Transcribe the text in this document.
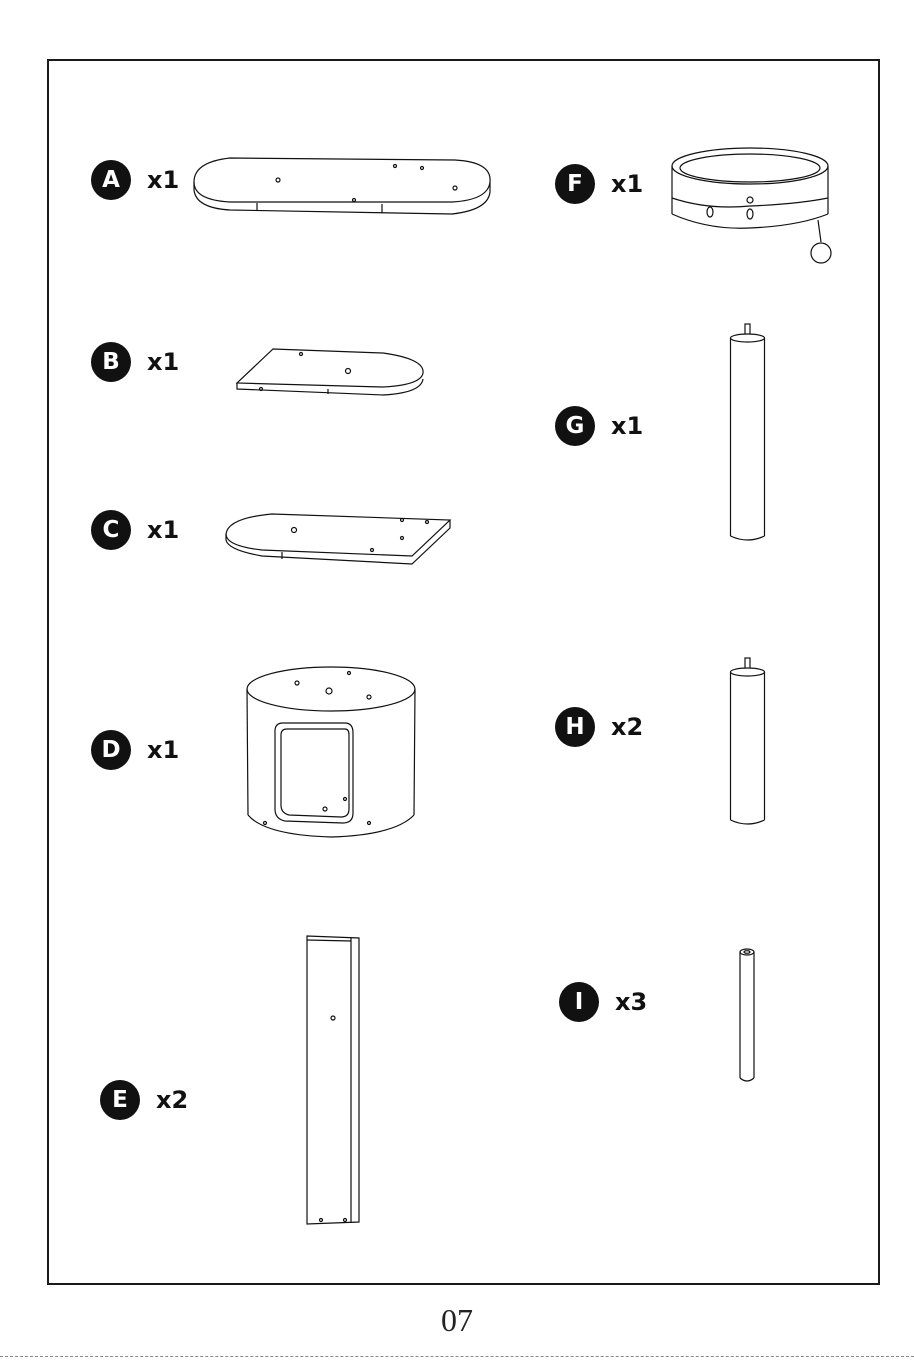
A	x1
B	x1
C	x1
D	x1
E	x2
F	x1
G	x1
H	x2
I	x3
07
